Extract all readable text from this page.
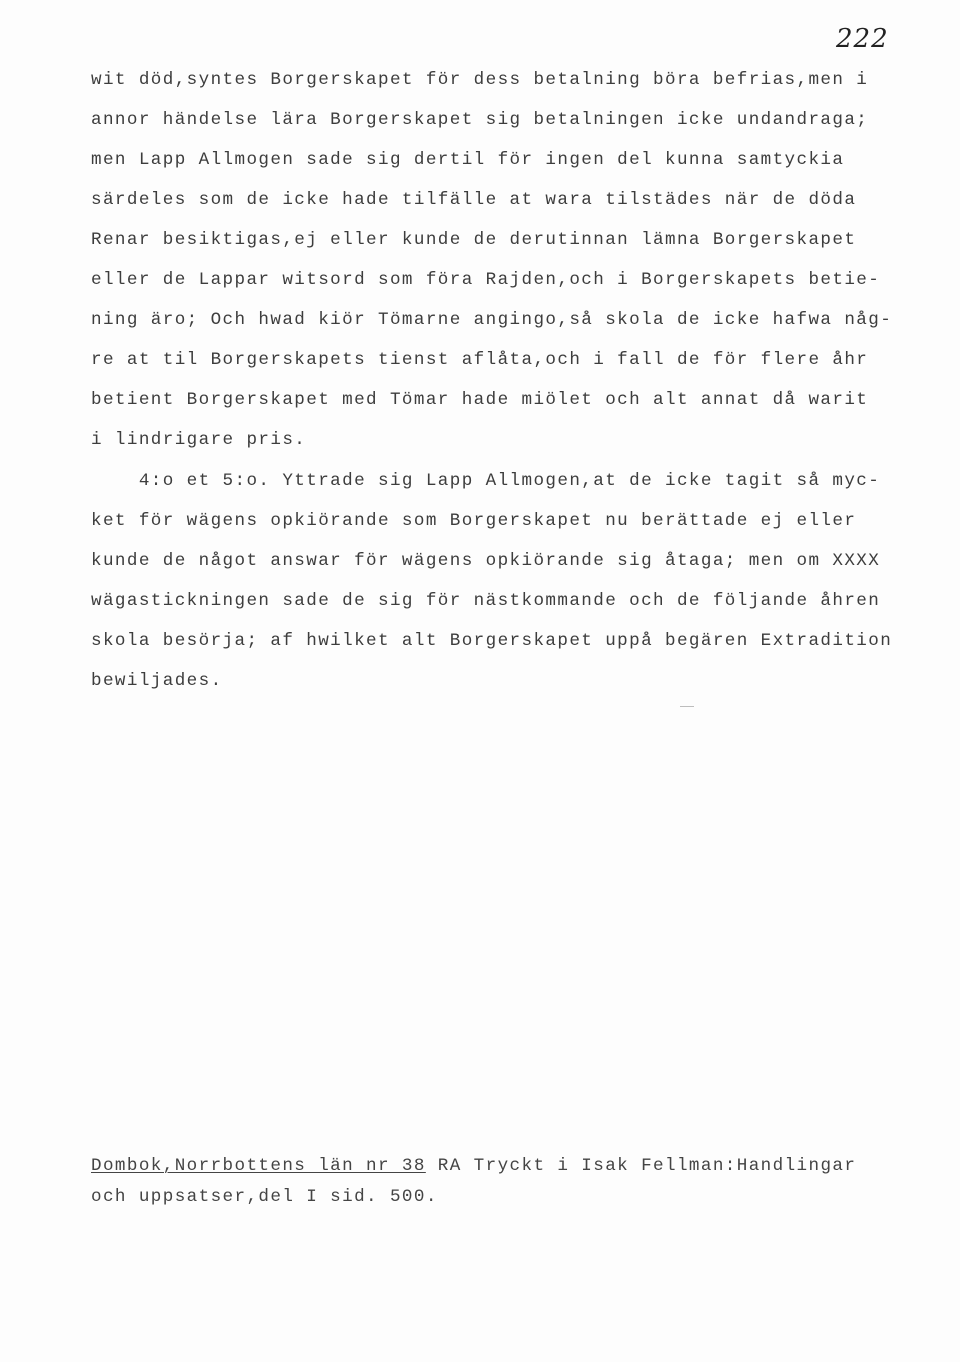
222
wit död,syntes Borgerskapet för dess betalning böra befrias,men i
annor händelse lära Borgerskapet sig betalningen icke undandraga;
men Lapp Allmogen sade sig dertil för ingen del kunna samtyckia
särdeles som de icke hade tilfälle at wara tilstädes när de döda
Renar besiktigas,ej eller kunde de derutinnan lämna Borgerskapet
eller de Lappar witsord som föra Rajden,och i Borgerskapets betie-
ning äro; Och hwad kiör Tömarne angingo,så skola de icke hafwa någ-
re at til Borgerskapets tienst aflåta,och i fall de för flere åhr
betient Borgerskapet med Tömar hade miölet och alt annat då warit
i lindrigare pris.
4:o et 5:o. Yttrade sig Lapp Allmogen,at de icke tagit så myc-
ket för wägens opkiörande som Borgerskapet nu berättade ej eller
kunde de något answar för wägens opkiörande sig åtaga; men om XXXX
wägastickningen sade de sig för nästkommande och de följande åhren
skola besörja; af hwilket alt Borgerskapet uppå begären Extradition
bewiljades.
Dombok,Norrbottens län nr 38 RA Tryckt i Isak Fellman:Handlingar
och uppsatser,del I sid. 500.
